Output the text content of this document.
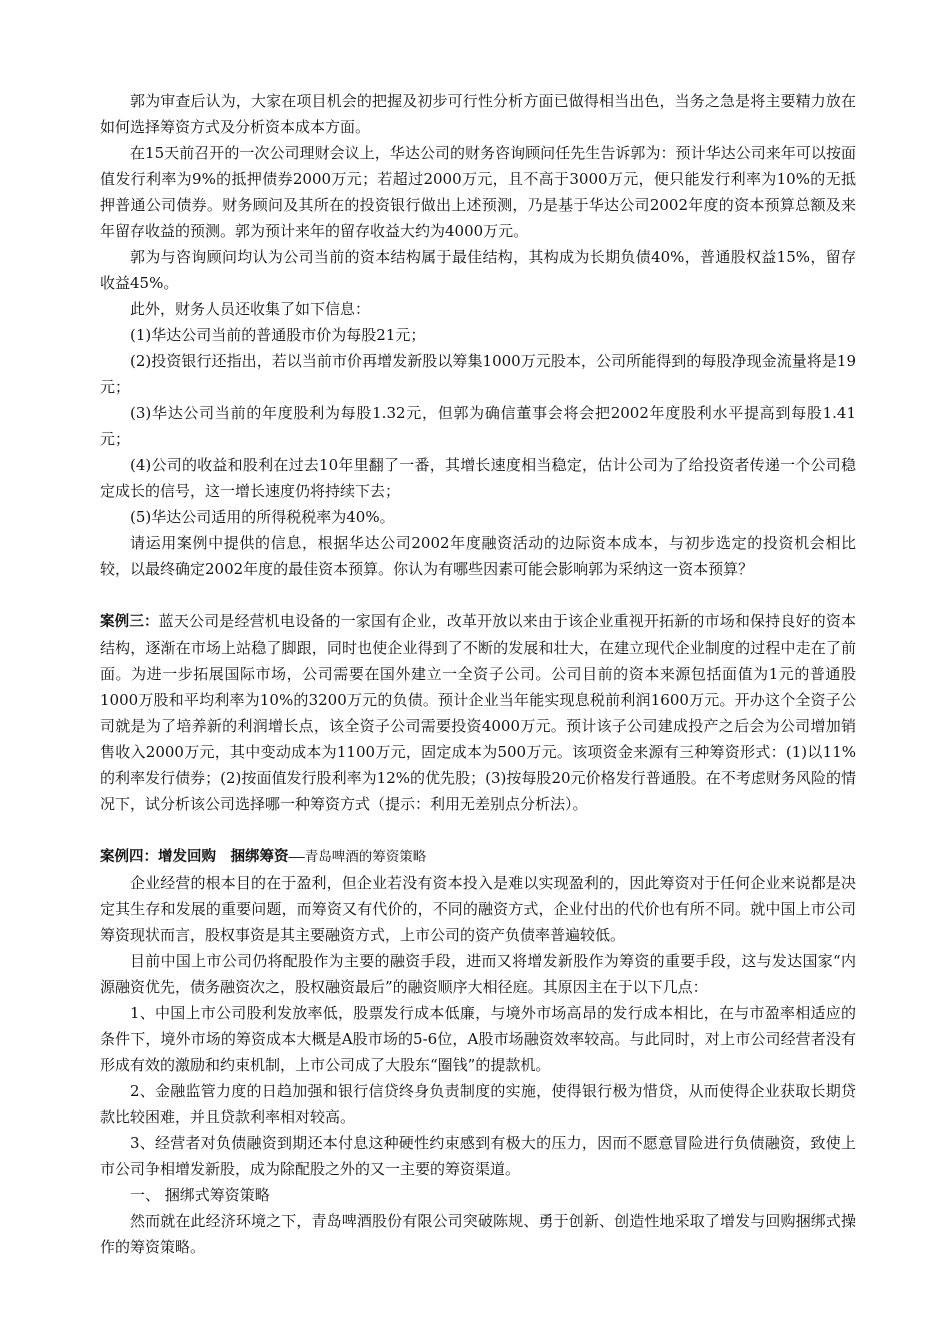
郭为审查后认为，大家在项目机会的把握及初步可行性分析方面已做得相当出色，当务之急是将主要精力放在如何选择筹资方式及分析资本成本方面。

在15天前召开的一次公司理财会议上，华达公司的财务咨询顾问任先生告诉郭为：预计华达公司来年可以按面值发行利率为9%的抵押债券2000万元；若超过2000万元，且不高于3000万元，便只能发行利率为10%的无抵押普通公司债券。财务顾问及其所在的投资银行做出上述预测，乃是基于华达公司2002年度的资本预算总额及来年留存收益的预测。郭为预计来年的留存收益大约为4000万元。

郭为与咨询顾问均认为公司当前的资本结构属于最佳结构，其构成为长期负债40%，普通股权益15%，留存收益45%。

此外，财务人员还收集了如下信息：

(1)华达公司当前的普通股市价为每股21元；

(2)投资银行还指出，若以当前市价再增发新股以筹集1000万元股本，公司所能得到的每股净现金流量将是19元；

(3)华达公司当前的年度股利为每股1.32元，但郭为确信董事会将会把2002年度股利水平提高到每股1.41元；

(4)公司的收益和股利在过去10年里翻了一番，其增长速度相当稳定，估计公司为了给投资者传递一个公司稳定成长的信号，这一增长速度仍将持续下去；

(5)华达公司适用的所得税税率为40%。

请运用案例中提供的信息，根据华达公司2002年度融资活动的边际资本成本，与初步选定的投资机会相比较，以最终确定2002年度的最佳资本预算。你认为有哪些因素可能会影响郭为采纳这一资本预算？

案例三：蓝天公司是经营机电设备的一家国有企业，改革开放以来由于该企业重视开拓新的市场和保持良好的资本结构，逐渐在市场上站稳了脚跟，同时也使企业得到了不断的发展和壮大，在建立现代企业制度的过程中走在了前面。为进一步拓展国际市场，公司需要在国外建立一全资子公司。公司目前的资本来源包括面值为1元的普通股1000万股和平均利率为10%的3200万元的负债。预计企业当年能实现息税前利润1600万元。开办这个全资子公司就是为了培养新的利润增长点，该全资子公司需要投资4000万元。预计该子公司建成投产之后会为公司增加销售收入2000万元，其中变动成本为1100万元，固定成本为500万元。该项资金来源有三种筹资形式：(1)以11%的利率发行债券；(2)按面值发行股利率为12%的优先股；(3)按每股20元价格发行普通股。在不考虑财务风险的情况下，试分析该公司选择哪一种筹资方式（提示：利用无差别点分析法）。

案例四：增发回购　捆绑筹资——青岛啤酒的筹资策略

企业经营的根本目的在于盈利，但企业若没有资本投入是难以实现盈利的，因此筹资对于任何企业来说都是决定其生存和发展的重要问题，而筹资又有代价的，不同的融资方式，企业付出的代价也有所不同。就中国上市公司筹资现状而言，股权事资是其主要融资方式，上市公司的资产负债率普遍较低。

目前中国上市公司仍将配股作为主要的融资手段，进而又将增发新股作为筹资的重要手段，这与发达国家“内源融资优先，债务融资次之，股权融资最后”的融资顺序大相径庭。其原因主在于以下几点：

1、中国上市公司股利发放率低，股票发行成本低廉，与境外市场高昂的发行成本相比，在与市盈率相适应的条件下，境外市场的筹资成本大概是A股市场的5-6位，A股市场融资效率较高。与此同时，对上市公司经营者没有形成有效的激励和约束机制，上市公司成了大股东“圈钱”的提款机。

2、金融监管力度的日趋加强和银行信贷终身负责制度的实施，使得银行极为惜贷，从而使得企业获取长期贷款比较困难，并且贷款利率相对较高。

3、经营者对负债融资到期还本付息这种硬性约束感到有极大的压力，因而不愿意冒险进行负债融资，致使上市公司争相增发新股，成为除配股之外的又一主要的筹资渠道。

一、 捆绑式筹资策略

然而就在此经济环境之下，青岛啤酒股份有限公司突破陈规、勇于创新、创造性地采取了增发与回购捆绑式操作的筹资策略。
